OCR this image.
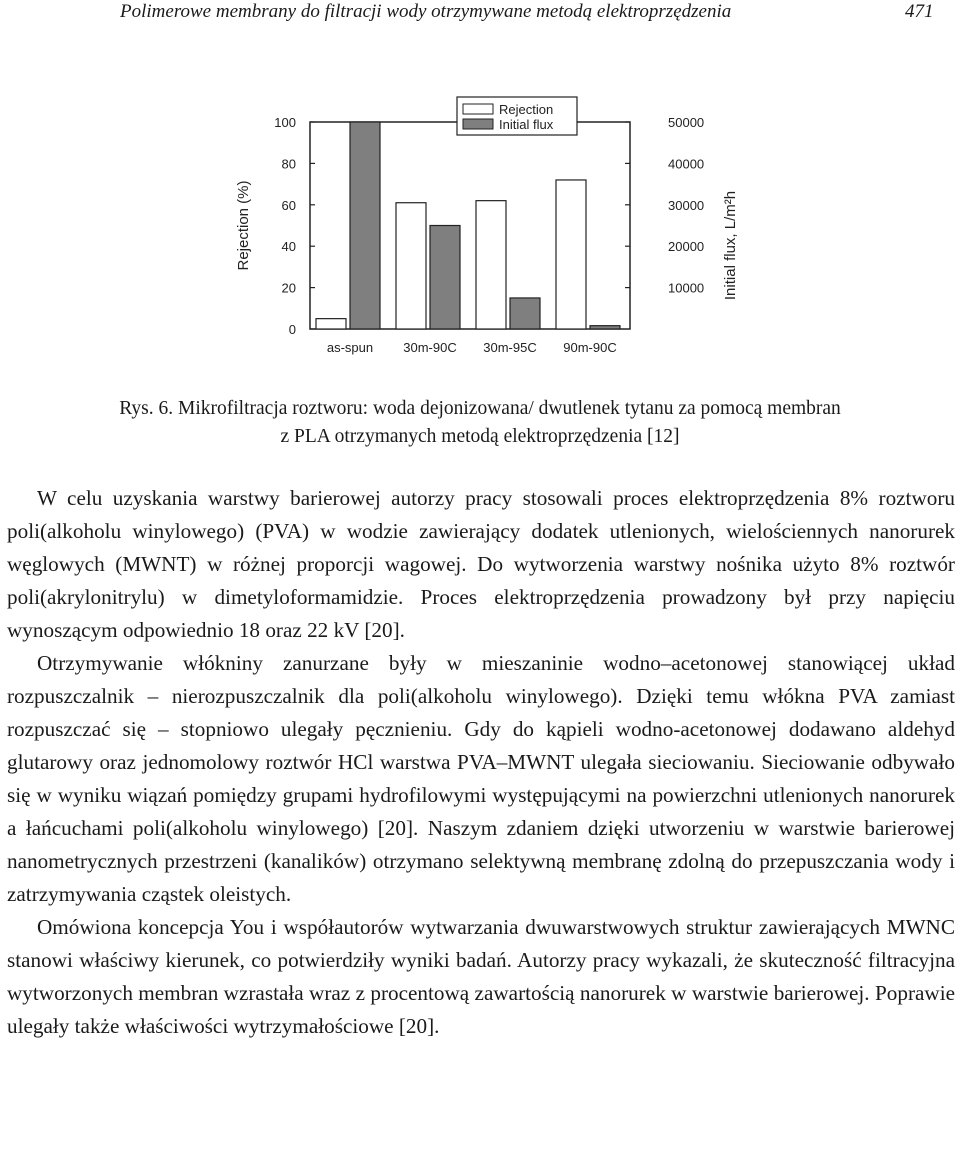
Polimerowe membrany do filtracji wody otrzymywane metodą elektroprzędzenia	471
0
20
40
60
80
100
10000
20000
30000
40000
50000
Rejection (%)	Initial flux, L/m²h
as-spun 30m-90C 30m-95C 90m-90C
Rejection
Initial flux
Rys. 6. Mikrofiltracja roztworu: woda dejonizowana/ dwutlenek tytanu za pomocą membran
z PLA otrzymanych metodą elektroprzędzenia [12]

W celu uzyskania warstwy barierowej autorzy pracy stosowali proces elektroprzędzenia 8% roztworu poli(alkoholu winylowego) (PVA) w wodzie zawierający dodatek utlenionych, wielościennych nanorurek węglowych (MWNT) w różnej proporcji wagowej. Do wytworzenia warstwy nośnika użyto 8% roztwór poli(akrylonitrylu) w dimetyloformamidzie. Proces elektroprzędzenia prowadzony był przy napięciu wynoszącym odpowiednio 18 oraz 22 kV [20].

Otrzymywanie włókniny zanurzane były w mieszaninie wodno–acetonowej stanowiącej układ rozpuszczalnik – nierozpuszczalnik dla poli(alkoholu winylowego). Dzięki temu włókna PVA zamiast rozpuszczać się – stopniowo ulegały pęcznieniu. Gdy do kąpieli wodno-acetonowej dodawano aldehyd glutarowy oraz jednomolowy roztwór HCl warstwa PVA–MWNT ulegała sieciowaniu. Sieciowanie odbywało się w wyniku wiązań pomiędzy grupami hydrofilowymi występującymi na powierzchni utlenionych nanorurek a łańcuchami poli(alkoholu winylowego) [20]. Naszym zdaniem dzięki utworzeniu w warstwie barierowej nanometrycznych przestrzeni (kanalików) otrzymano selektywną membranę zdolną do przepuszczania wody i zatrzymywania cząstek oleistych.

Omówiona koncepcja You i współautorów wytwarzania dwuwarstwowych struktur zawierających MWNC stanowi właściwy kierunek, co potwierdziły wyniki badań. Autorzy pracy wykazali, że skuteczność filtracyjna wytworzonych membran wzrastała wraz z procentową zawartością nanorurek w warstwie barierowej. Poprawie ulegały także właściwości wytrzymałościowe [20].
